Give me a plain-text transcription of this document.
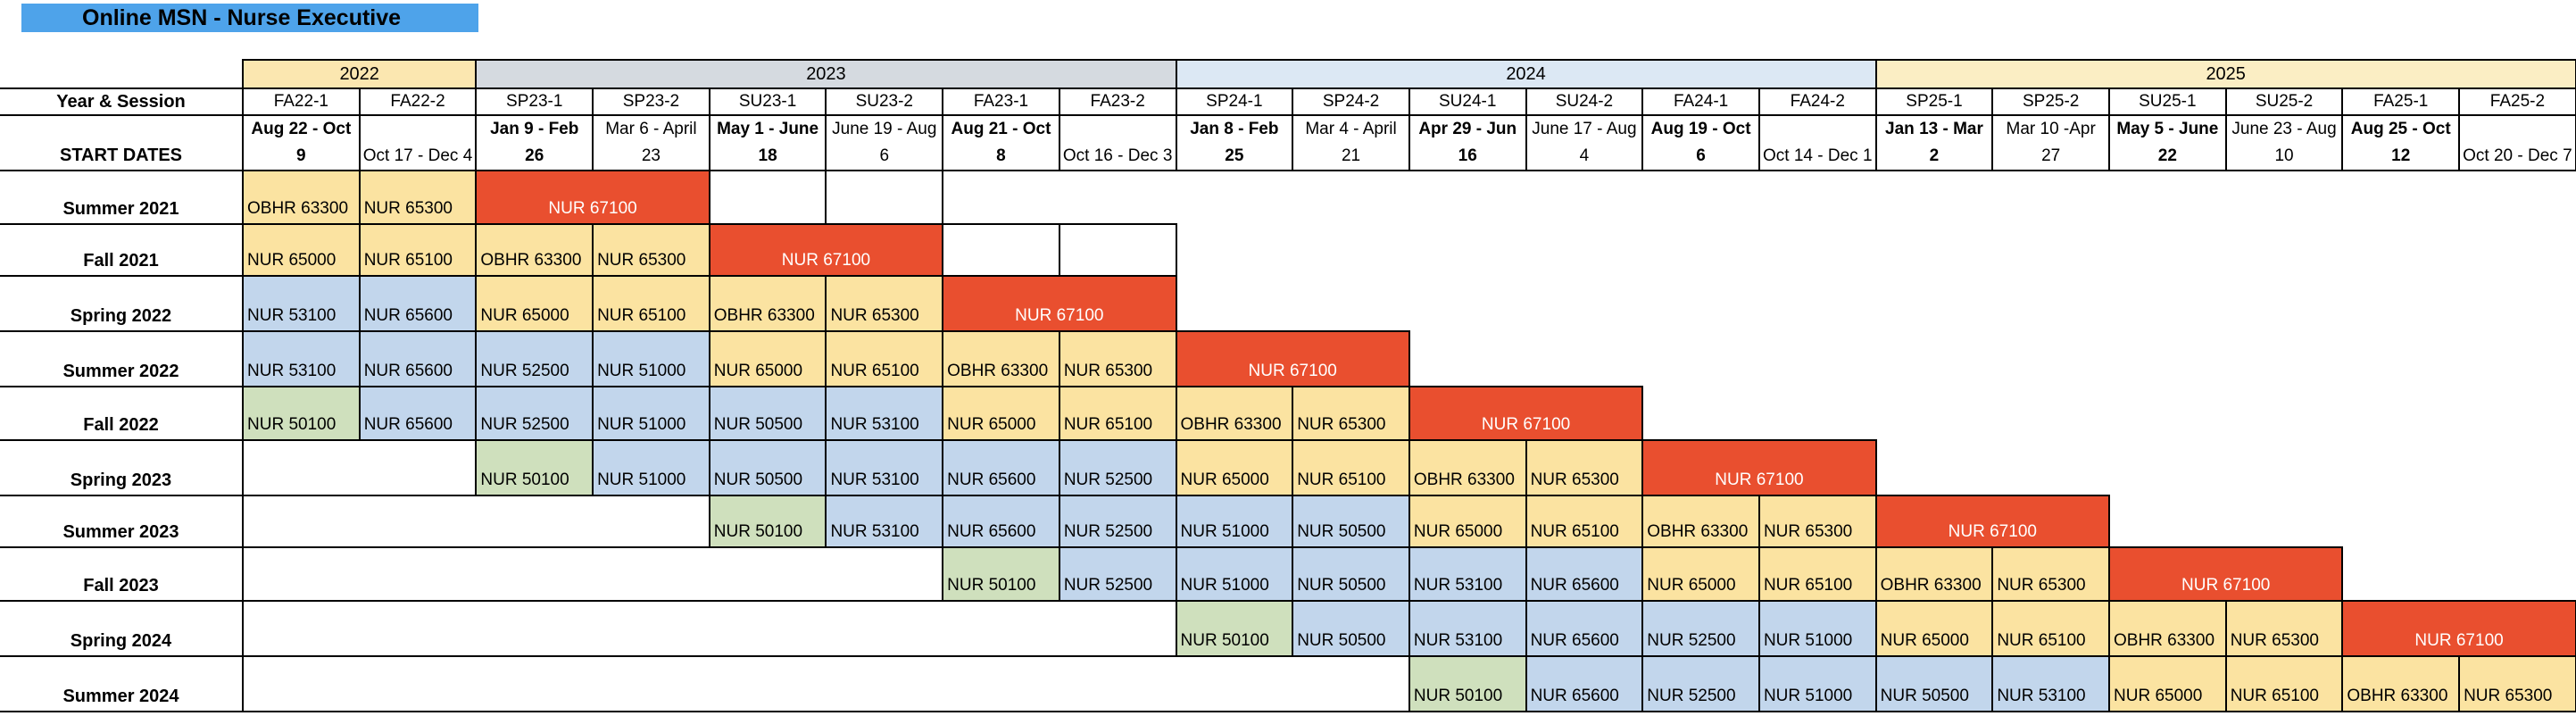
Online MSN - Nurse Executive
	2022		2023						2024						2025					
Year & Session	FA22-1	FA22-2	SP23-1	SP23-2	SU23-1	SU23-2	FA23-1	FA23-2	SP24-1	SP24-2	SU24-1	SU24-2	FA24-1	FA24-2	SP25-1	SP25-2	SU25-1	SU25-2	FA25-1	FA25-2
START DATES	Aug 22 - Oct 9	Oct 17 - Dec 4	Jan 9 - Feb 26	Mar 6 - April 23	May 1 - June 18	June 19 - Aug 6	Aug 21 - Oct 8	Oct 16 - Dec 3	Jan 8 - Feb 25	Mar 4 - April 21	Apr 29 - Jun 16	June 17 - Aug 4	Aug 19 - Oct 6	Oct 14 - Dec 1	Jan 13 - Mar 2	Mar 10 -Apr 27	May 5 - June 22	June 23 - Aug 10	Aug 25 - Oct 12	Oct 20 - Dec 7
Summer 2021	OBHR 63300	NUR 65300	NUR 67100																	
Fall 2021	NUR 65000	NUR 65100	OBHR 63300	NUR 65300	NUR 67100															
Spring 2022	NUR 53100	NUR 65600	NUR 65000	NUR 65100	OBHR 63300	NUR 65300	NUR 67100													
Summer 2022	NUR 53100	NUR 65600	NUR 52500	NUR 51000	NUR 65000	NUR 65100	OBHR 63300	NUR 65300	NUR 67100											
Fall 2022	NUR 50100	NUR 65600	NUR 52500	NUR 51000	NUR 50500	NUR 53100	NUR 65000	NUR 65100	OBHR 63300	NUR 65300	NUR 67100									
Spring 2023			NUR 50100	NUR 51000	NUR 50500	NUR 53100	NUR 65600	NUR 52500	NUR 65000	NUR 65100	OBHR 63300	NUR 65300	NUR 67100							
Summer 2023					NUR 50100	NUR 53100	NUR 65600	NUR 52500	NUR 51000	NUR 50500	NUR 65000	NUR 65100	OBHR 63300	NUR 65300	NUR 67100					
Fall 2023							NUR 50100	NUR 52500	NUR 51000	NUR 50500	NUR 53100	NUR 65600	NUR 65000	NUR 65100	OBHR 63300	NUR 65300	NUR 67100			
Spring 2024									NUR 50100	NUR 50500	NUR 53100	NUR 65600	NUR 52500	NUR 51000	NUR 65000	NUR 65100	OBHR 63300	NUR 65300	NUR 67100	
Summer 2024											NUR 50100	NUR 65600	NUR 52500	NUR 51000	NUR 50500	NUR 53100	NUR 65000	NUR 65100	OBHR 63300	NUR 65300
